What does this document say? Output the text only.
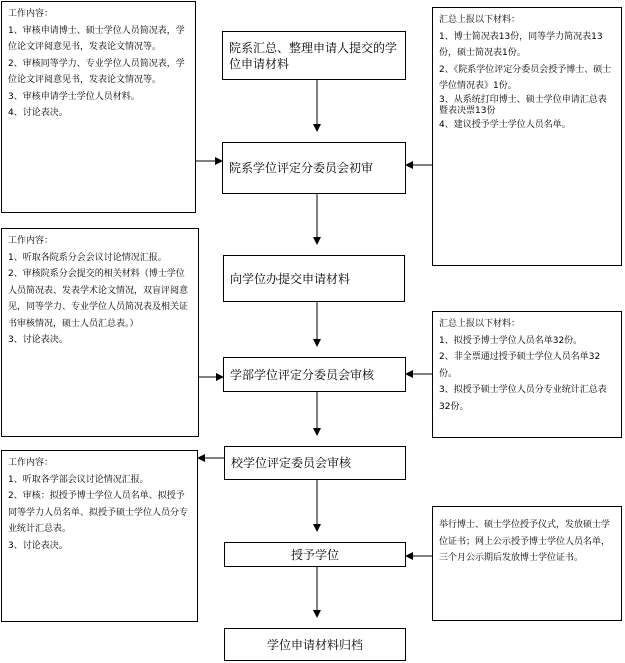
院系汇总、整理申请人提交的学位申请材料
院系学位评定分委员会初审
向学位办提交申请材料
学部学位评定分委员会审核
校学位评定委员会审核
授予学位
学位申请材料归档
工作内容：
1、审核申请博士、硕士学位人员简况表，学位论文评阅意见书，发表论文情况等。
2、审核同等学力、专业学位人员简况表，学位论文评阅意见书，发表论文情况等。
3、审核申请学士学位人员材料。
4、讨论表决。
工作内容：
1、听取各院系分会会议讨论情况汇报。
2、审核院系分会提交的相关材料（博士学位人员简况表、发表学术论文情况，双盲评阅意见，同等学力、专业学位人员简况表及相关证书审核情况，硕士人员汇总表。）
3、讨论表决。
工作内容：
1、听取各学部会议讨论情况汇报。
2、审核：拟授予博士学位人员名单、拟授予同等学力人员名单、拟授予硕士学位人员分专业统计汇总表。
3、讨论表决。
汇总上报以下材料：
1、博士简况表13份，同等学力简况表13份，硕士简况表1份。
2、《院系学位评定分委员会授予博士、硕士学位情况表》1份。
3、从系统打印博士、硕士学位申请汇总表暨表决票13份
4、建议授予学士学位人员名单。
汇总上报以下材料：
1、拟授予博士学位人员名单32份。
2、非全票通过授予硕士学位人员名单32份。
3、拟授予硕士学位人员分专业统计汇总表32份。
举行博士、硕士学位授予仪式，发放硕士学位证书；网上公示授予博士学位人员名单，三个月公示期后发放博士学位证书。
